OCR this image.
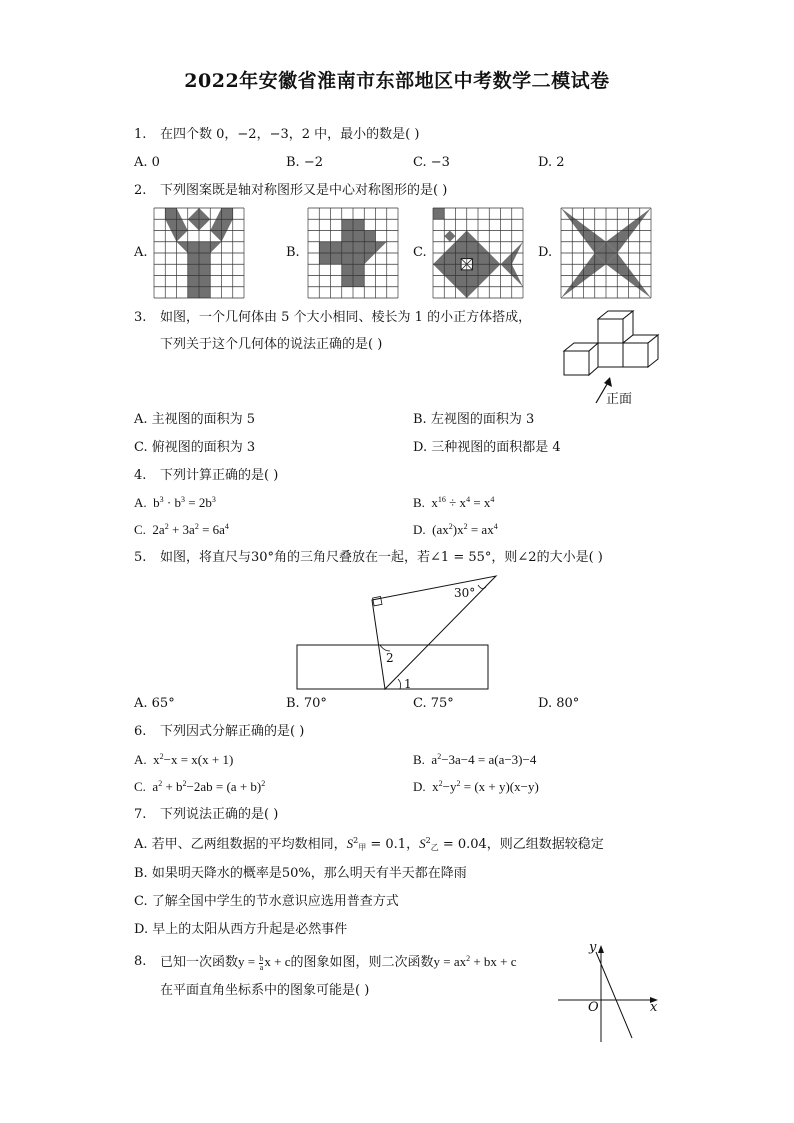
2022年安徽省淮南市东部地区中考数学二模试卷
1. 在四个数 0，−2，−3，2 中，最小的数是( )
A. 0	B. −2	C. −3	D. 2
2. 下列图案既是轴对称图形又是中心对称图形的是( )
A.	B.	C.	D.
3. 如图，一个几何体由 5 个大小相同、棱长为 1 的小正方体搭成，
下列关于这个几何体的说法正确的是( )
正面
A. 主视图的面积为 5	B. 左视图的面积为 3
C. 俯视图的面积为 3	D. 三种视图的面积都是 4
4. 下列计算正确的是( )
A.  $b^3 \cdot b^3 = 2b^3$	B.  $x^{16} \div x^4 = x^4$
C.  $2a^2 + 3a^2 = 6a^4$	D.  $(ax^2)x^2 = ax^4$
5. 如图，将直尺与30°角的三角尺叠放在一起，若∠1 = 55°，则∠2的大小是( )
30°
2
1
A. 65°	B. 70°	C. 75°	D. 80°
6. 下列因式分解正确的是( )
A.  $x^2-x = x(x + 1)$	B.  $a^2-3a-4 = a(a-3)-4$
C.  $a^2 + b^2-2ab = (a + b)^2$	D.  $x^2-y^2 = (x + y)(x-y)$
7. 下列说法正确的是( )
A. 若甲、乙两组数据的平均数相同，$S^2_甲 = 0.1$，$S^2_乙 = 0.04$，则乙组数据较稳定
B. 如果明天降水的概率是50%，那么明天有半天都在降雨
C. 了解全国中学生的节水意识应选用普查方式
D. 早上的太阳从西方升起是必然事件
8. 已知一次函数$y = \frac{b}{a}$ x + c的图象如图，则二次函数$y = ax^2$ + bx + c
在平面直角坐标系中的图象可能是( )
x
y
O
